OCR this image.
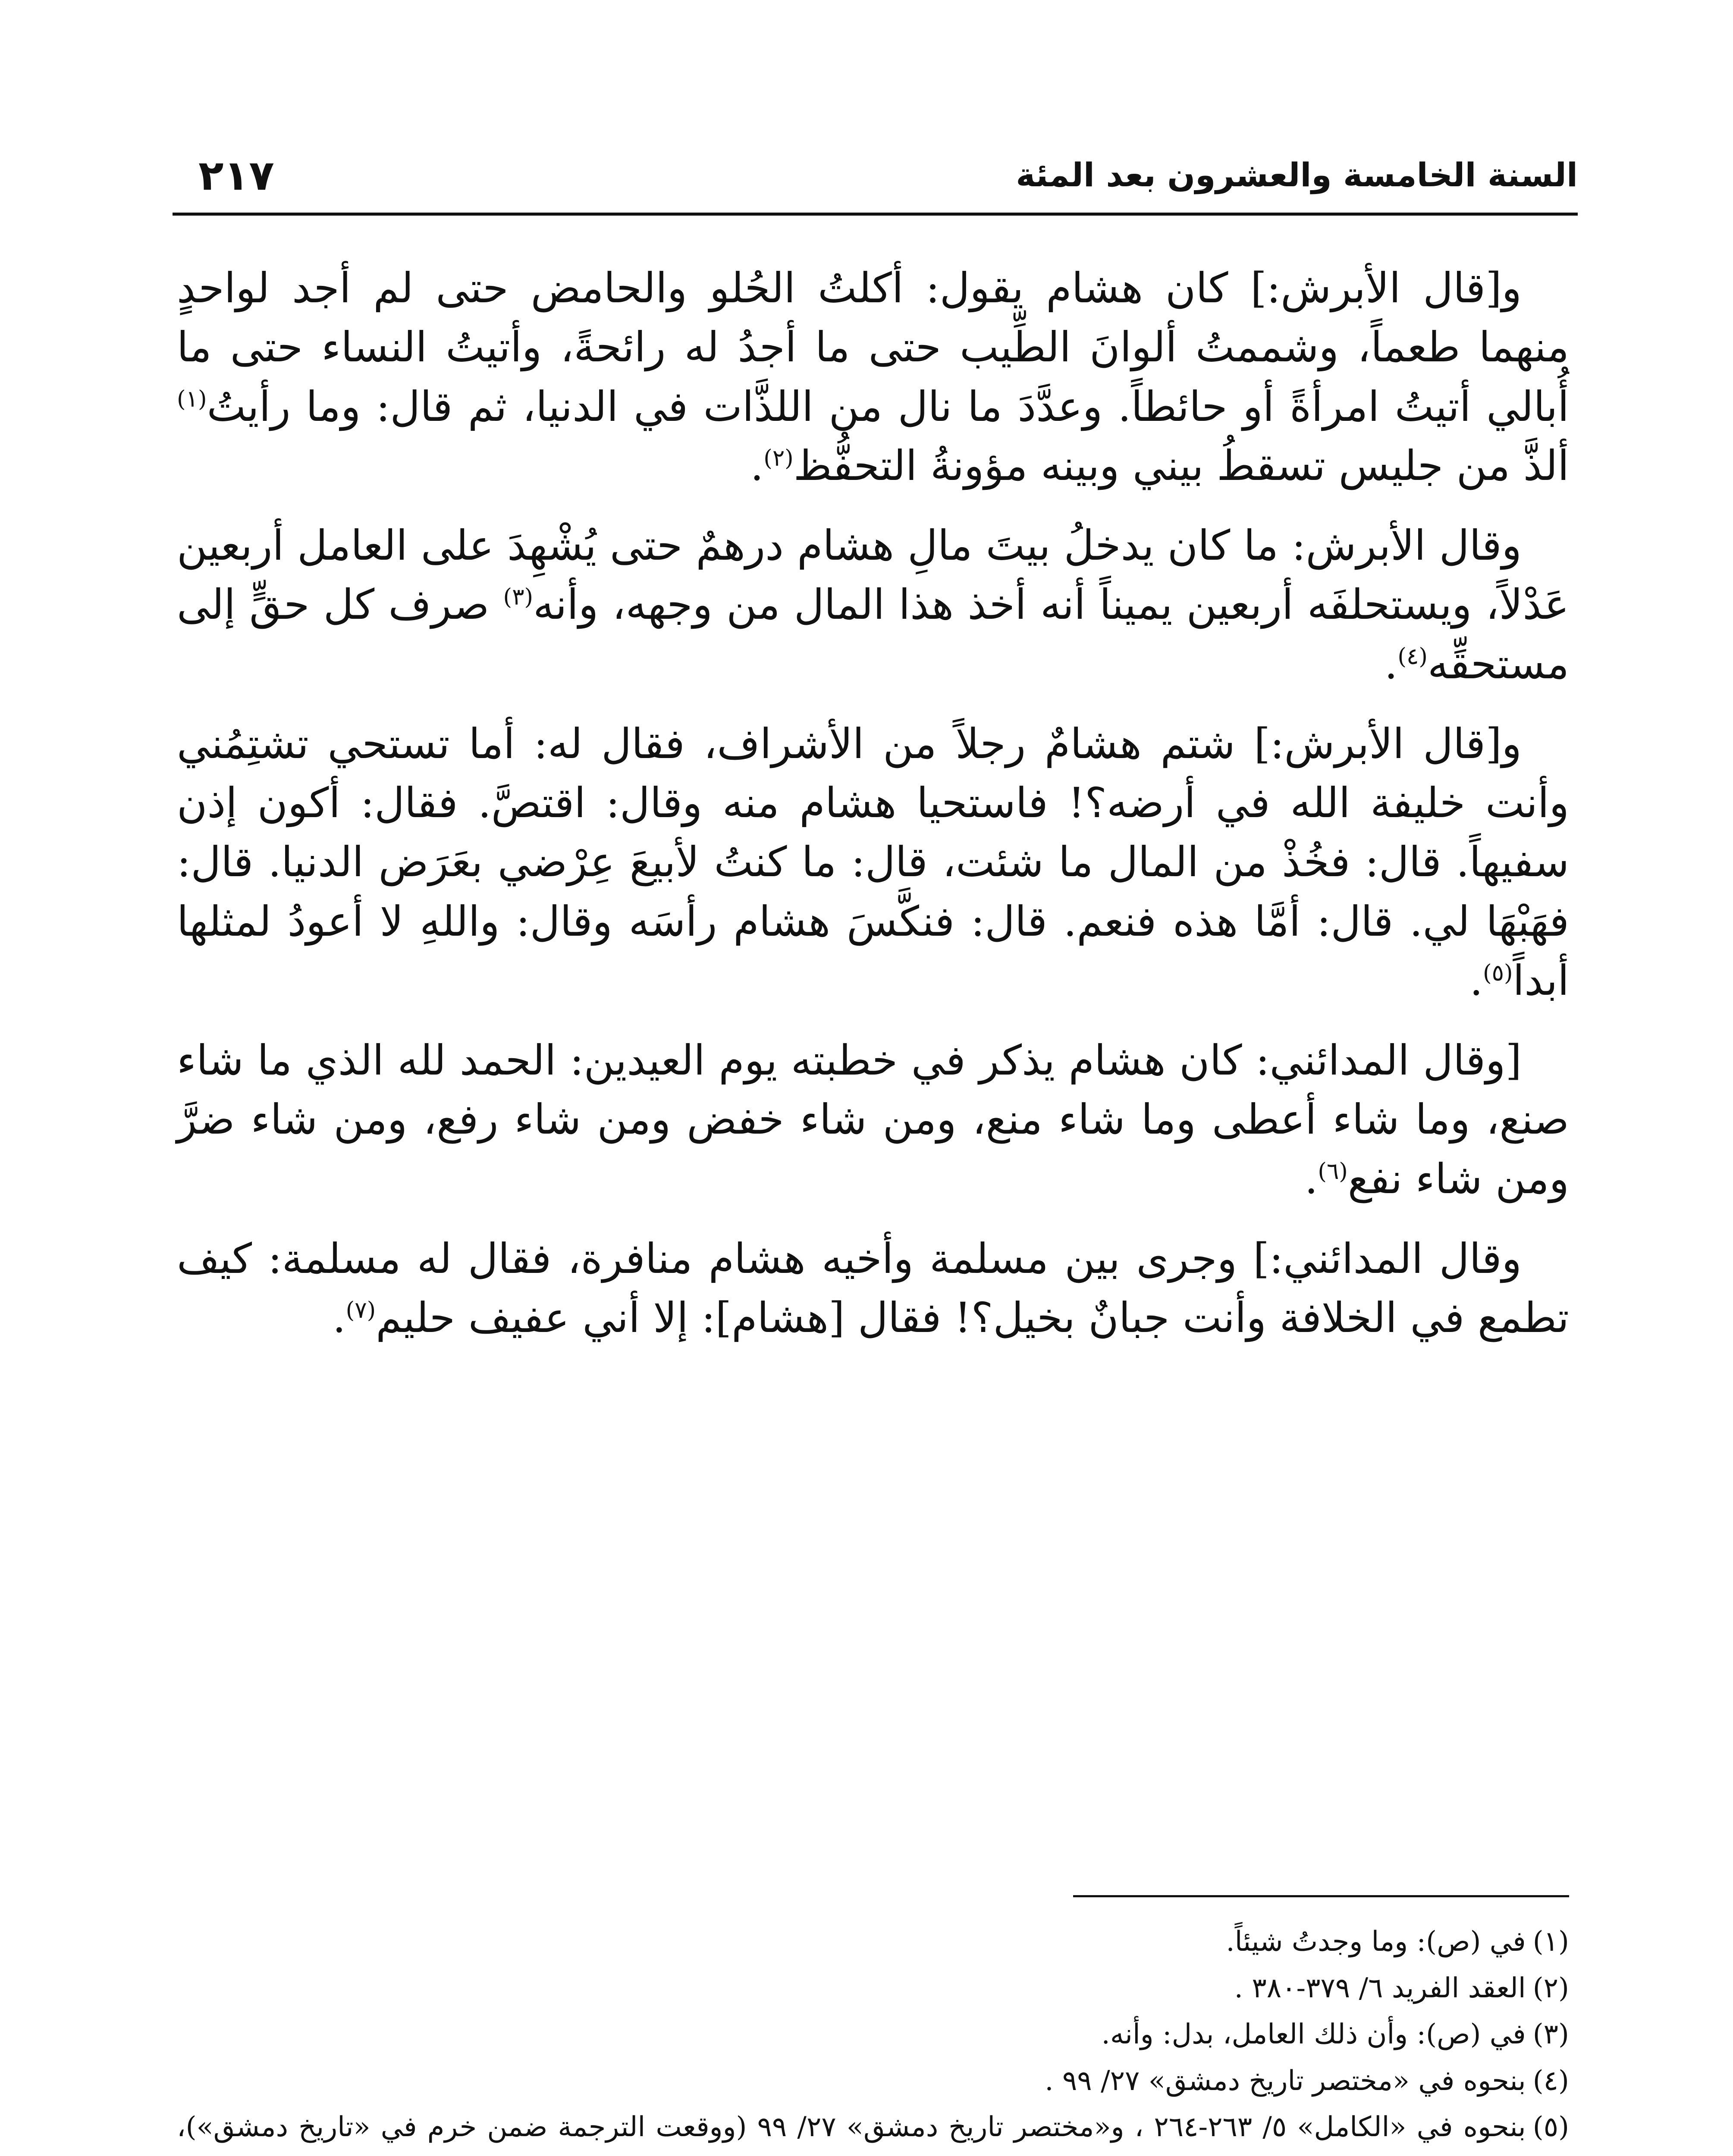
السنة الخامسة والعشرون بعد المئة
٢١٧

و[قال الأبرش:] كان هشام يقول: أكلتُ الحُلو والحامض حتى لم أجد لواحدٍ منهما طعماً، وشممتُ ألوانَ الطِّيب حتى ما أجدُ له رائحةً، وأتيتُ النساء حتى ما أُبالي أتيتُ امرأةً أو حائطاً. وعدَّدَ ما نال من اللذَّات في الدنيا، ثم قال: وما رأيتُ$^{(١)}$ ألذَّ من جليس تسقطُ بيني وبينه مؤونةُ التحفُّظ$^{(٢)}$.

وقال الأبرش: ما كان يدخلُ بيتَ مالِ هشام درهمٌ حتى يُشْهِدَ على العامل أربعين عَدْلاً، ويستحلفَه أربعين يميناً أنه أخذ هذا المال من وجهه، وأنه$^{(٣)}$ صرف كل حقٍّ إلى مستحقِّه$^{(٤)}$.

و[قال الأبرش:] شتم هشامٌ رجلاً من الأشراف، فقال له: أما تستحي تشتِمُني وأنت خليفة الله في أرضه؟! فاستحيا هشام منه وقال: اقتصَّ. فقال: أكون إذن سفيهاً. قال: فخُذْ من المال ما شئت، قال: ما كنتُ لأبيعَ عِرْضي بعَرَض الدنيا. قال: فهَبْهَا لي. قال: أمَّا هذه فنعم. قال: فنكَّسَ هشام رأسَه وقال: واللهِ لا أعودُ لمثلها أبداً$^{(٥)}$.

[وقال المدائني: كان هشام يذكر في خطبته يوم العيدين: الحمد لله الذي ما شاء صنع، وما شاء أعطى وما شاء منع، ومن شاء خفض ومن شاء رفع، ومن شاء ضرَّ ومن شاء نفع$^{(٦)}$.

وقال المدائني:] وجرى بين مسلمة وأخيه هشام منافرة، فقال له مسلمة: كيف تطمع في الخلافة وأنت جبانٌ بخيل؟! فقال [هشام]: إلا أني عفيف حليم$^{(٧)}$.

(١)في (ص): وما وجدتُ شيئاً.

(٢)العقد الفريد ٦/ ٣٧٩-٣٨٠ .

(٣)في (ص): وأن ذلك العامل، بدل: وأنه.

(٤)بنحوه في «مختصر تاريخ دمشق» ٢٧/ ٩٩ .

(٥)بنحوه في «الكامل» ٥/ ٢٦٣-٢٦٤ ، و«مختصر تاريخ دمشق» ٢٧/ ٩٩ (ووقعت الترجمة ضمن خرم في «تاريخ دمشق»)،
